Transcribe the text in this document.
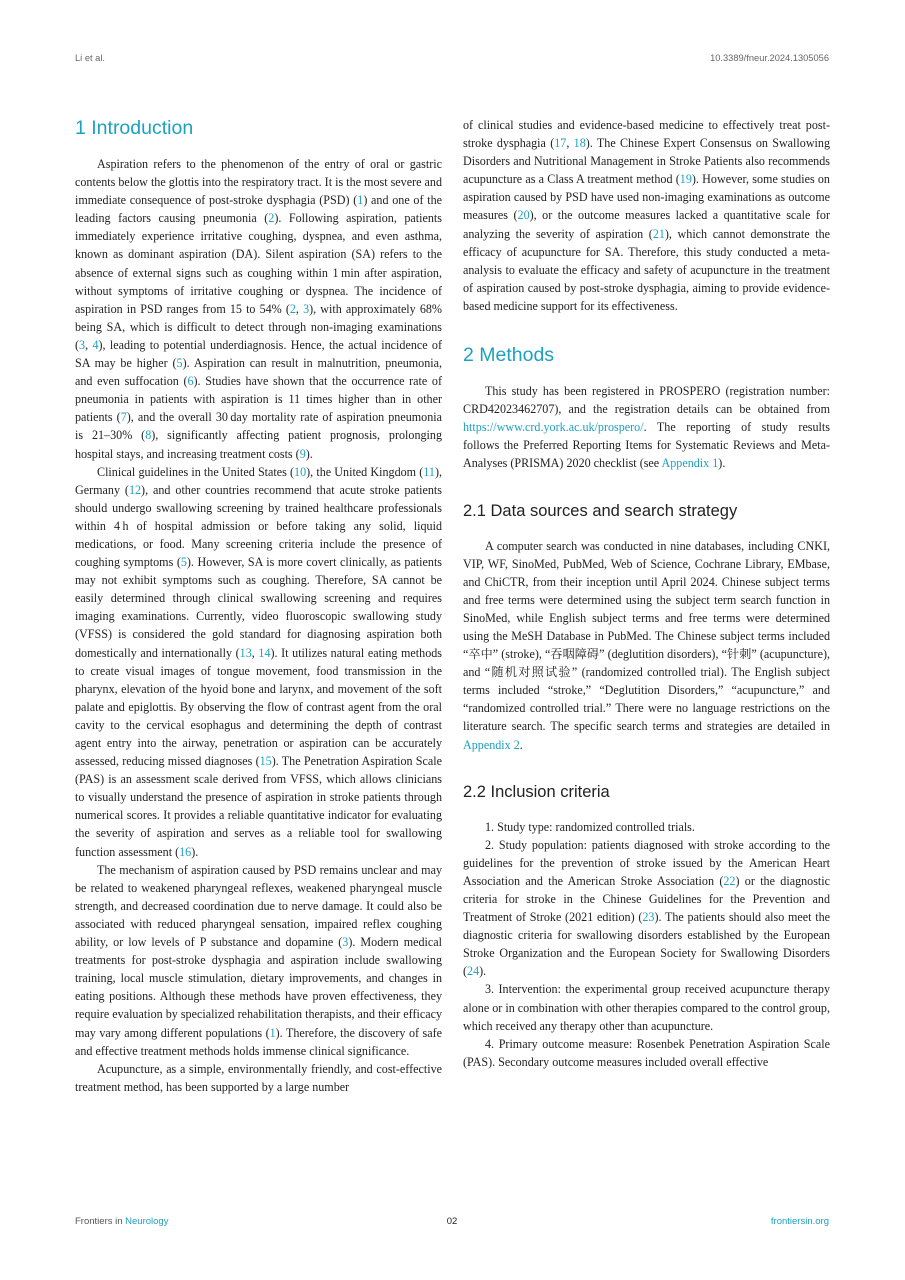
Li et al.	10.3389/fneur.2024.1305056
1 Introduction

Aspiration refers to the phenomenon of the entry of oral or gastric contents below the glottis into the respiratory tract. It is the most severe and immediate consequence of post-stroke dysphagia (PSD) (1) and one of the leading factors causing pneumonia (2). Following aspiration, patients immediately experience irritative coughing, dyspnea, and even asthma, known as dominant aspiration (DA). Silent aspiration (SA) refers to the absence of external signs such as coughing within 1 min after aspiration, without symptoms of irritative coughing or dyspnea. The incidence of aspiration in PSD ranges from 15 to 54% (2, 3), with approximately 68% being SA, which is difficult to detect through non-imaging examinations (3, 4), leading to potential underdiagnosis. Hence, the actual incidence of SA may be higher (5). Aspiration can result in malnutrition, pneumonia, and even suffocation (6). Studies have shown that the occurrence rate of pneumonia in patients with aspiration is 11 times higher than in other patients (7), and the overall 30 day mortality rate of aspiration pneumonia is 21–30% (8), significantly affecting patient prognosis, prolonging hospital stays, and increasing treatment costs (9).

Clinical guidelines in the United States (10), the United Kingdom (11), Germany (12), and other countries recommend that acute stroke patients should undergo swallowing screening by trained healthcare professionals within 4 h of hospital admission or before taking any solid, liquid medications, or food. Many screening criteria include the presence of coughing symptoms (5). However, SA is more covert clinically, as patients may not exhibit symptoms such as coughing. Therefore, SA cannot be easily determined through clinical swallowing screening and requires imaging examinations. Currently, video fluoroscopic swallowing study (VFSS) is considered the gold standard for diagnosing aspiration both domestically and internationally (13, 14). It utilizes natural eating methods to create visual images of tongue movement, food transmission in the pharynx, elevation of the hyoid bone and larynx, and movement of the soft palate and epiglottis. By observing the flow of contrast agent from the oral cavity to the cervical esophagus and determining the depth of contrast agent entry into the airway, penetration or aspiration can be accurately assessed, reducing missed diagnoses (15). The Penetration Aspiration Scale (PAS) is an assessment scale derived from VFSS, which allows clinicians to visually understand the presence of aspiration in stroke patients through numerical scores. It provides a reliable quantitative indicator for evaluating the severity of aspiration and serves as a reliable tool for swallowing function assessment (16).

The mechanism of aspiration caused by PSD remains unclear and may be related to weakened pharyngeal reflexes, weakened pharyngeal muscle strength, and decreased coordination due to nerve damage. It could also be associated with reduced pharyngeal sensation, impaired reflex coughing ability, or low levels of P substance and dopamine (3). Modern medical treatments for post-stroke dysphagia and aspiration include swallowing training, local muscle stimulation, dietary improvements, and changes in eating positions. Although these methods have proven effectiveness, they require evaluation by specialized rehabilitation therapists, and their efficacy may vary among different populations (1). Therefore, the discovery of safe and effective treatment methods holds immense clinical significance.

Acupuncture, as a simple, environmentally friendly, and cost-effective treatment method, has been supported by a large number

of clinical studies and evidence-based medicine to effectively treat post-stroke dysphagia (17, 18). The Chinese Expert Consensus on Swallowing Disorders and Nutritional Management in Stroke Patients also recommends acupuncture as a Class A treatment method (19). However, some studies on aspiration caused by PSD have used non-imaging examinations as outcome measures (20), or the outcome measures lacked a quantitative scale for analyzing the severity of aspiration (21), which cannot demonstrate the efficacy of acupuncture for SA. Therefore, this study conducted a meta-analysis to evaluate the efficacy and safety of acupuncture in the treatment of aspiration caused by post-stroke dysphagia, aiming to provide evidence-based medicine support for its effectiveness.

2 Methods

This study has been registered in PROSPERO (registration number: CRD42023462707), and the registration details can be obtained from https://www.crd.york.ac.uk/prospero/. The reporting of study results follows the Preferred Reporting Items for Systematic Reviews and Meta-Analyses (PRISMA) 2020 checklist (see Appendix 1).

2.1 Data sources and search strategy

A computer search was conducted in nine databases, including CNKI, VIP, WF, SinoMed, PubMed, Web of Science, Cochrane Library, EMbase, and ChiCTR, from their inception until April 2024. Chinese subject terms and free terms were determined using the subject term search function in SinoMed, while English subject terms and free terms were determined using the MeSH Database in PubMed. The Chinese subject terms included “卒中” (stroke), “吞咽障碍” (deglutition disorders), “针刺” (acupuncture), and “随机对照试验” (randomized controlled trial). The English subject terms included “stroke,” “Deglutition Disorders,” “acupuncture,” and “randomized controlled trial.” There were no language restrictions on the literature search. The specific search terms and strategies are detailed in Appendix 2.

2.2 Inclusion criteria

1. Study type: randomized controlled trials.

2. Study population: patients diagnosed with stroke according to the guidelines for the prevention of stroke issued by the American Heart Association and the American Stroke Association (22) or the diagnostic criteria for stroke in the Chinese Guidelines for the Prevention and Treatment of Stroke (2021 edition) (23). The patients should also meet the diagnostic criteria for swallowing disorders established by the European Stroke Organization and the European Society for Swallowing Disorders (24).

3. Intervention: the experimental group received acupuncture therapy alone or in combination with other therapies compared to the control group, which received any therapy other than acupuncture.

4. Primary outcome measure: Rosenbek Penetration Aspiration Scale (PAS). Secondary outcome measures included overall effective

Frontiers in Neurology	02	frontiersin.org
